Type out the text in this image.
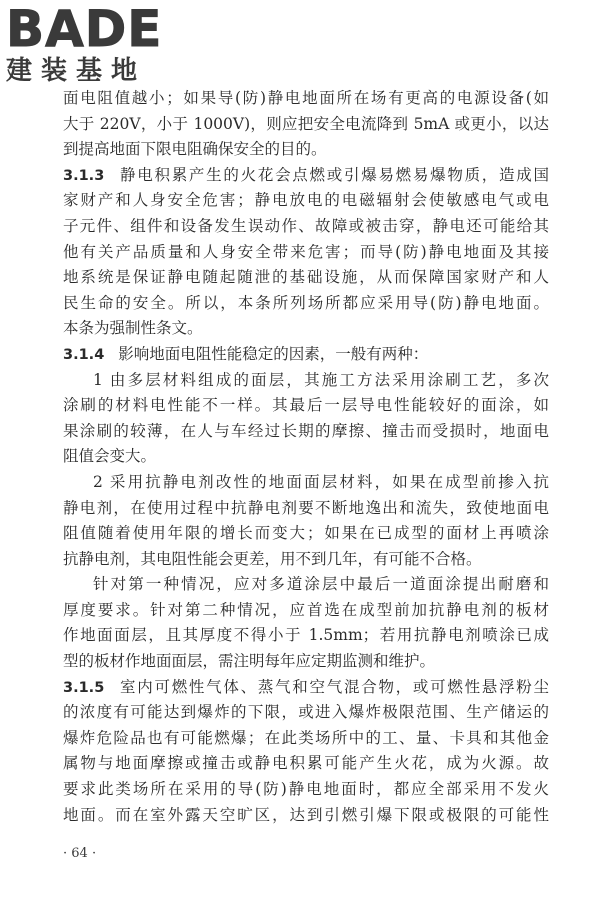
BADE
建装基地
面电阻值越小；如果导(防)静电地面所在场有更高的电源设备(如
大于 220V，小于 1000V)，则应把安全电流降到 5mA 或更小，以达
到提高地面下限电阻确保安全的目的。
3.1.3 静电积累产生的火花会点燃或引爆易燃易爆物质，造成国
家财产和人身安全危害；静电放电的电磁辐射会使敏感电气或电
子元件、组件和设备发生误动作、故障或被击穿，静电还可能给其
他有关产品质量和人身安全带来危害；而导(防)静电地面及其接
地系统是保证静电随起随泄的基础设施，从而保障国家财产和人
民生命的安全。所以，本条所列场所都应采用导(防)静电地面。
本条为强制性条文。
3.1.4 影响地面电阻性能稳定的因素，一般有两种：
1 由多层材料组成的面层，其施工方法采用涂刷工艺，多次
涂刷的材料电性能不一样。其最后一层导电性能较好的面涂，如
果涂刷的较薄，在人与车经过长期的摩擦、撞击而受损时，地面电
阻值会变大。
2 采用抗静电剂改性的地面面层材料，如果在成型前掺入抗
静电剂，在使用过程中抗静电剂要不断地逸出和流失，致使地面电
阻值随着使用年限的增长而变大；如果在已成型的面材上再喷涂
抗静电剂，其电阻性能会更差，用不到几年，有可能不合格。
针对第一种情况，应对多道涂层中最后一道面涂提出耐磨和
厚度要求。针对第二种情况，应首选在成型前加抗静电剂的板材
作地面面层，且其厚度不得小于 1.5mm；若用抗静电剂喷涂已成
型的板材作地面面层，需注明每年应定期监测和维护。
3.1.5 室内可燃性气体、蒸气和空气混合物，或可燃性悬浮粉尘
的浓度有可能达到爆炸的下限，或进入爆炸极限范围、生产储运的
爆炸危险品也有可能燃爆；在此类场所中的工、量、卡具和其他金
属物与地面摩擦或撞击或静电积累可能产生火花，成为火源。故
要求此类场所在采用的导(防)静电地面时，都应全部采用不发火
地面。而在室外露天空旷区，达到引燃引爆下限或极限的可能性
· 64 ·
